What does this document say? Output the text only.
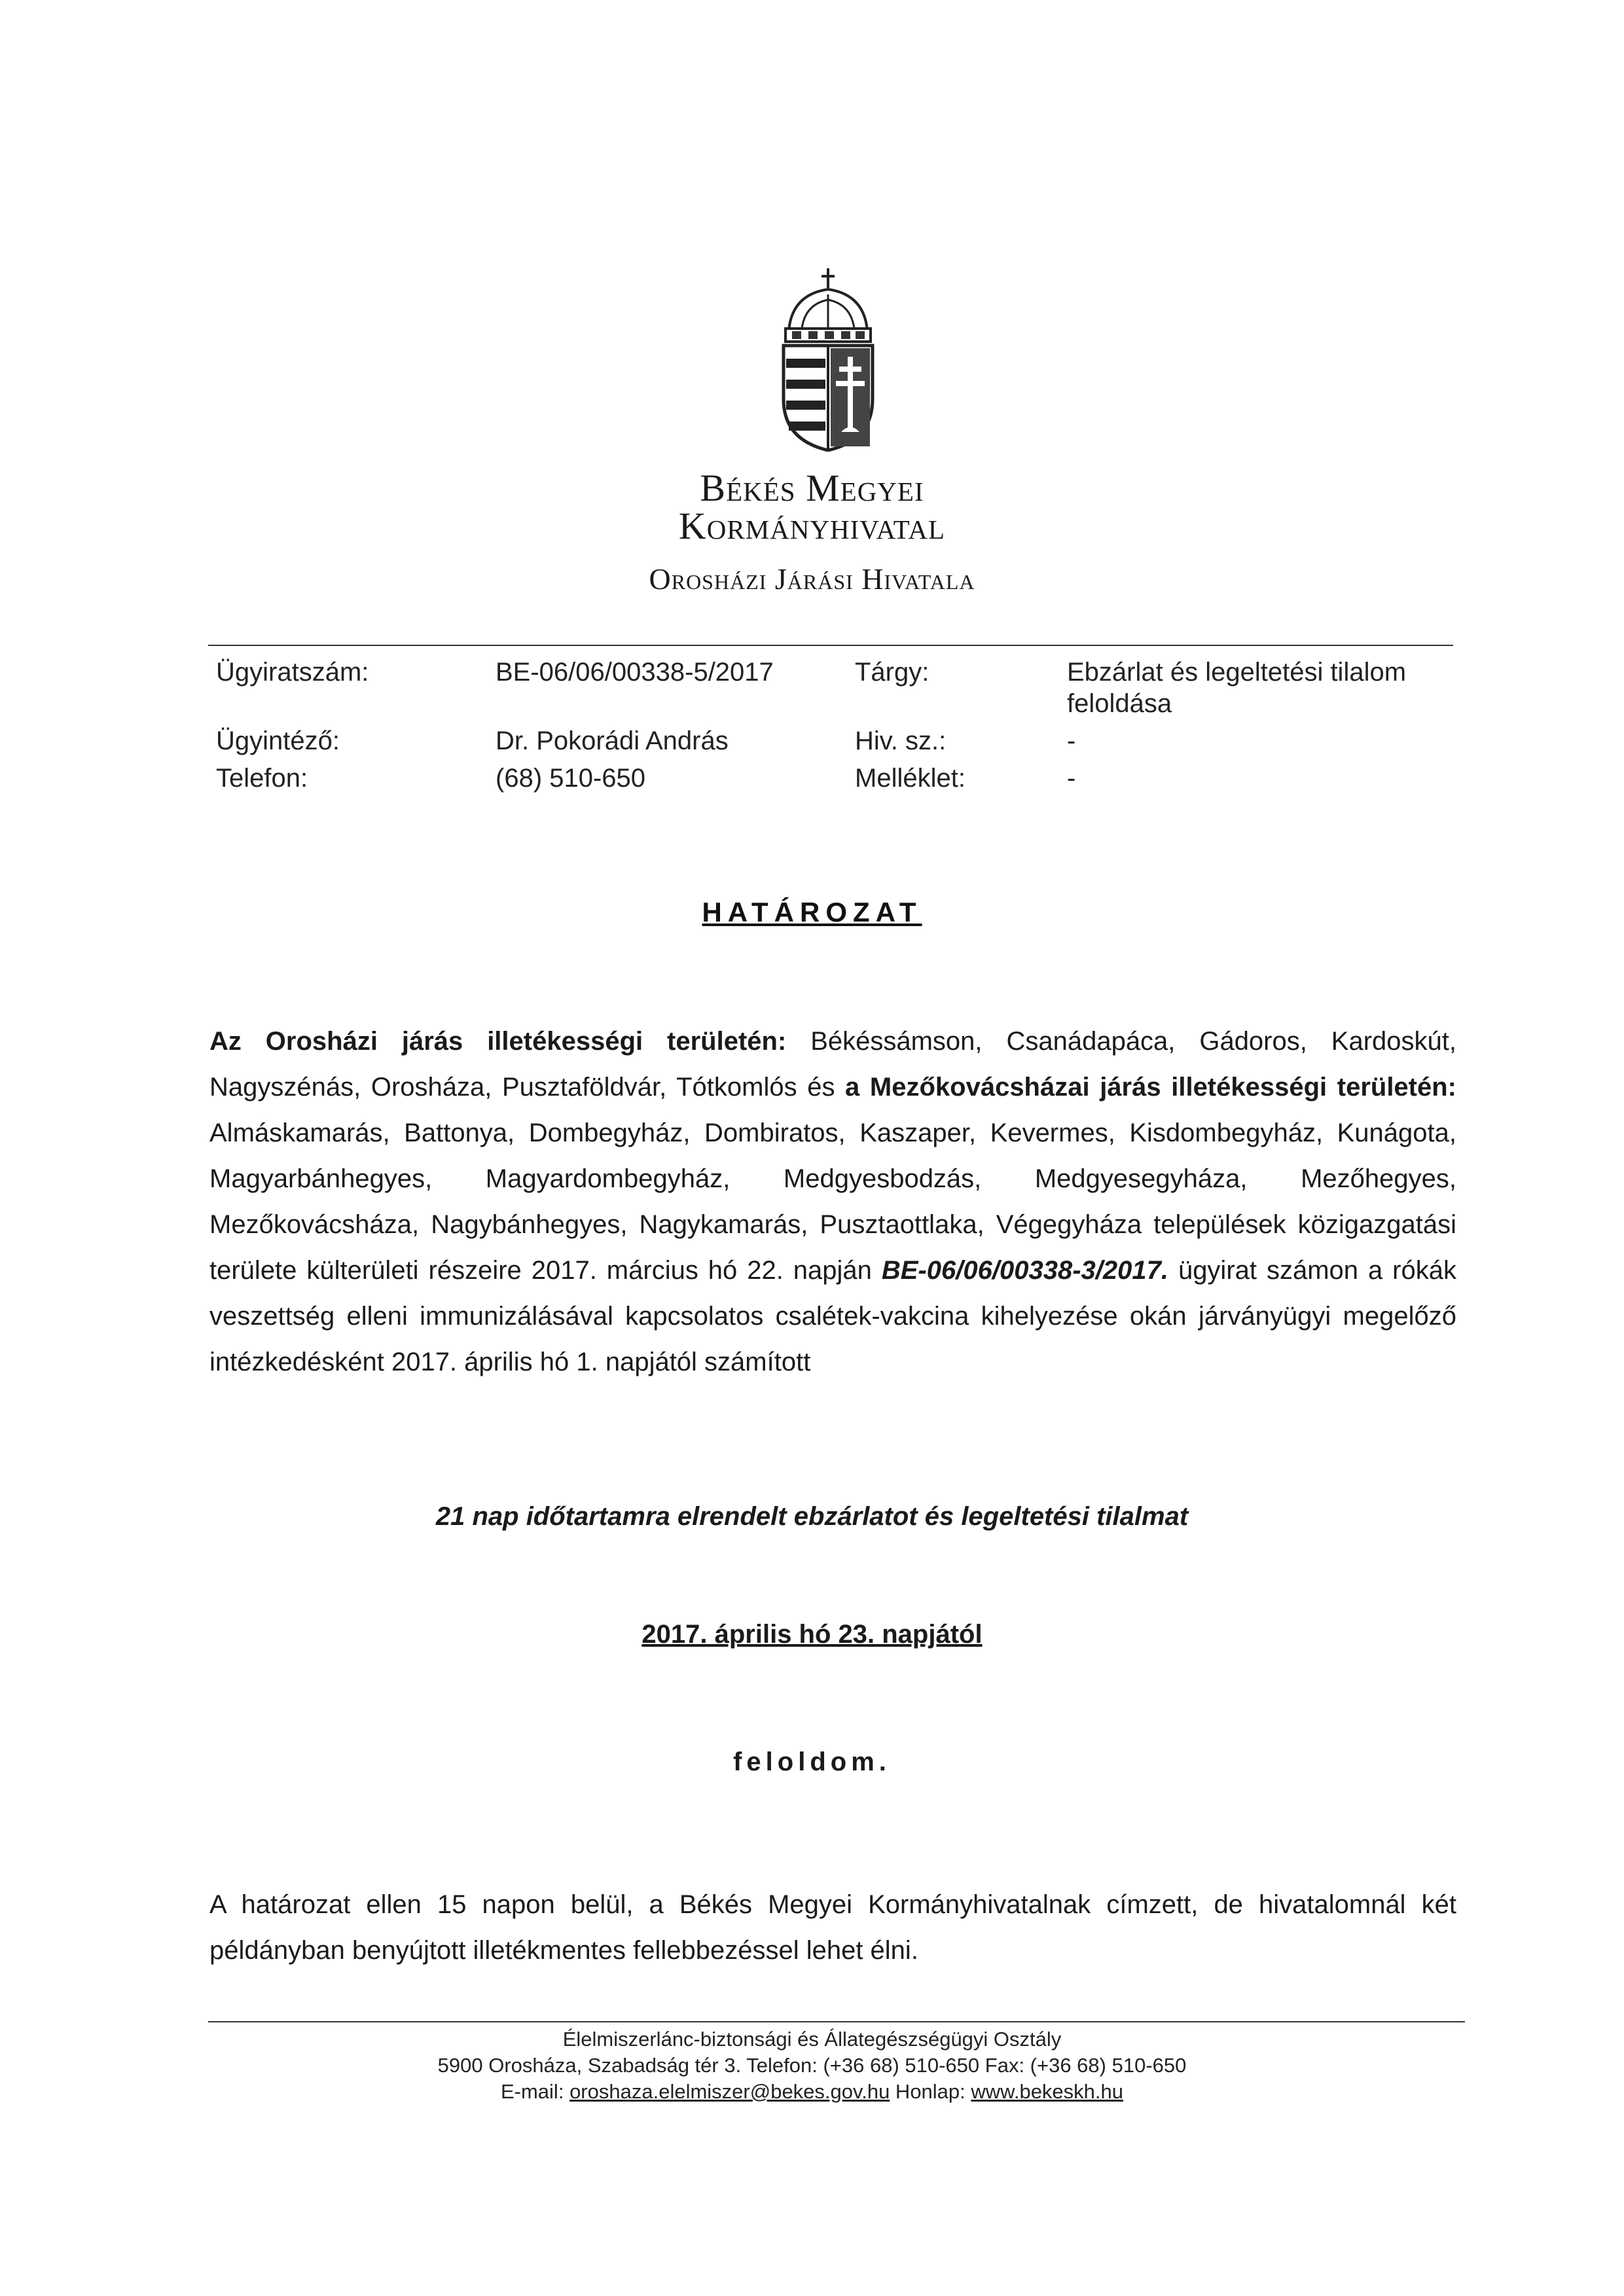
Békés Megyei
Kormányhivatal
Orosházi Járási Hivatala
Ügyiratszám:	BE-06/06/00338-5/2017	Tárgy:	Ebzárlat és legeltetési tilalom
feloldása
Ügyintéző:	Dr. Pokorádi András	Hiv. sz.:	-
Telefon:	(68) 510-650	Melléklet:	-
HATÁROZAT
Az Orosházi járás illetékességi területén: Békéssámson, Csanádapáca, Gádoros, Kardoskút, Nagyszénás, Orosháza, Pusztaföldvár, Tótkomlós és a Mezőkovácsházai járás illetékességi területén: Almáskamarás, Battonya, Dombegyház, Dombiratos, Kaszaper, Kevermes, Kisdombegyház, Kunágota, Magyarbánhegyes, Magyardombegyház, Medgyesbodzás, Medgyesegyháza, Mezőhegyes, Mezőkovácsháza, Nagybánhegyes, Nagykamarás, Pusztaottlaka, Végegyháza települések közigazgatási területe külterületi részeire 2017. március hó 22. napján BE-06/06/00338-3/2017. ügyirat számon a rókák veszettség elleni immunizálásával kapcsolatos csalétek-vakcina kihelyezése okán járványügyi megelőző intézkedésként 2017. április hó 1. napjától számított
21 nap időtartamra elrendelt ebzárlatot és legeltetési tilalmat
2017. április hó 23. napjától
feloldom.
A határozat ellen 15 napon belül, a Békés Megyei Kormányhivatalnak címzett, de hivatalomnál két példányban benyújtott illetékmentes fellebbezéssel lehet élni.
Élelmiszerlánc-biztonsági és Állategészségügyi Osztály
5900 Orosháza, Szabadság tér 3. Telefon: (+36 68) 510-650 Fax: (+36 68) 510-650
E-mail: oroshaza.elelmiszer@bekes.gov.hu Honlap: www.bekeskh.hu
